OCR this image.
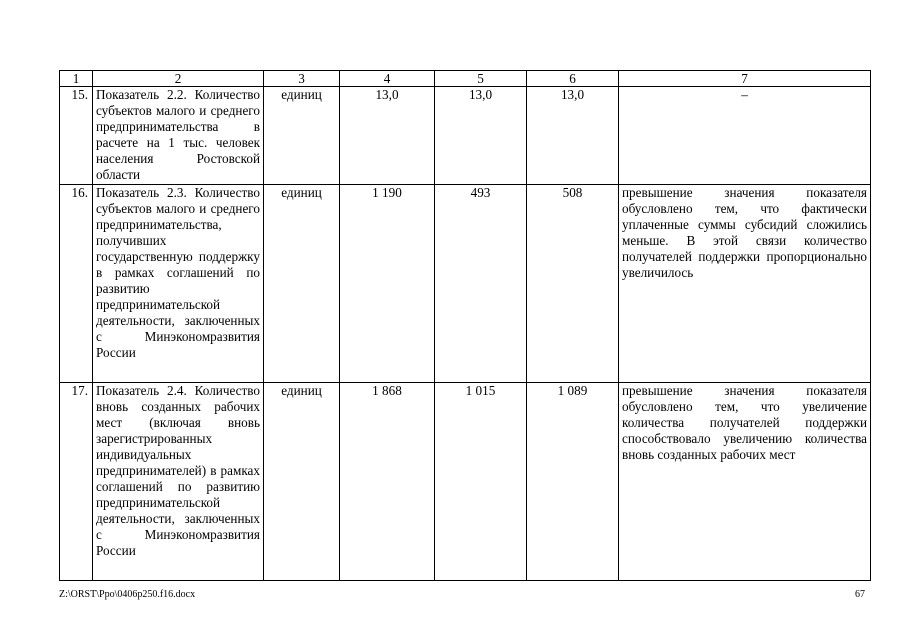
1	2	3	4	5	6	7
15.	Показатель 2.2. Количество субъектов малого и среднего предпринимательства в расчете на 1 тыс. человек населения Ростовской области	единиц	13,0	13,0	13,0	–
16.	Показатель 2.3. Количество субъектов малого и среднего предпринимательства, получивших государственную поддержку в рамках соглашений по развитию предпринимательской деятельности, заключенных с Минэкономразвития России	единиц	1 190	493	508	превышение значения показателя обусловлено тем, что фактически уплаченные суммы субсидий сложились меньше. В этой связи количество получателей поддержки пропорционально увеличилось
17.	Показатель 2.4. Количество вновь созданных рабочих мест (включая вновь зарегистрированных индивидуальных предпринимателей) в рамках соглашений по развитию предпринимательской деятельности, заключенных с Минэкономразвития России	единиц	1 868	1 015	1 089	превышение значения показателя обусловлено тем, что увеличение количества получателей поддержки способствовало увеличению количества вновь созданных рабочих мест
Z:\ORST\Ppo\0406p250.f16.docx	67
